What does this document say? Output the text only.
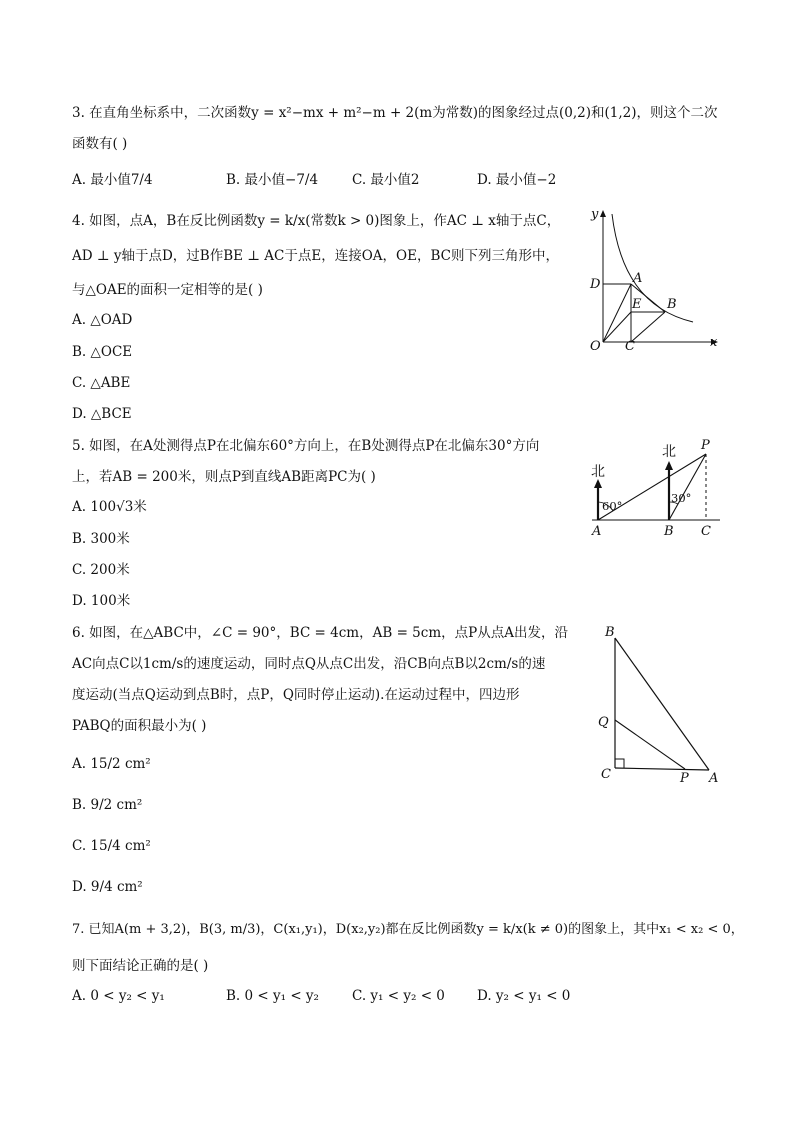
3. 在直角坐标系中，二次函数y = x²−mx + m²−m + 2(m为常数)的图象经过点(0,2)和(1,2)，则这个二次
函数有( )
A. 最小值7/4	B. 最小值−7/4	C. 最小值2	D. 最小值−2
4. 如图，点A，B在反比例函数y = k/x(常数k > 0)图象上，作AC ⊥ x轴于点C，
AD ⊥ y轴于点D，过B作BE ⊥ AC于点E，连接OA，OE，BC则下列三角形中，
与△OAE的面积一定相等的是( )
A. △OAD
B. △OCE
C. △ABE
D. △BCE
y
x
D	A
E B
O C
5. 如图，在A处测得点P在北偏东60°方向上，在B处测得点P在北偏东30°方向
上，若AB = 200米，则点P到直线AB距离PC为( )
A. 100√3米
B. 300米
C. 200米
D. 100米
北
北 P
60°
30°
A	B C
6. 如图，在△ABC中，∠C = 90°，BC = 4cm，AB = 5cm，点P从点A出发，沿
AC向点C以1cm/s的速度运动，同时点Q从点C出发，沿CB向点B以2cm/s的速
度运动(当点Q运动到点B时，点P，Q同时停止运动).在运动过程中，四边形
PABQ的面积最小为( )
A. 15/2 cm²
B. 9/2 cm²
C. 15/4 cm²
D. 9/4 cm²
B
Q
C	P A
7. 已知A(m + 3,2)，B(3, m/3)，C(x₁,y₁)，D(x₂,y₂)都在反比例函数y = k/x(k ≠ 0)的图象上，其中x₁ < x₂ < 0，
则下面结论正确的是( )
A. 0 < y₂ < y₁	B. 0 < y₁ < y₂ C. y₁ < y₂ < 0 D. y₂ < y₁ < 0
